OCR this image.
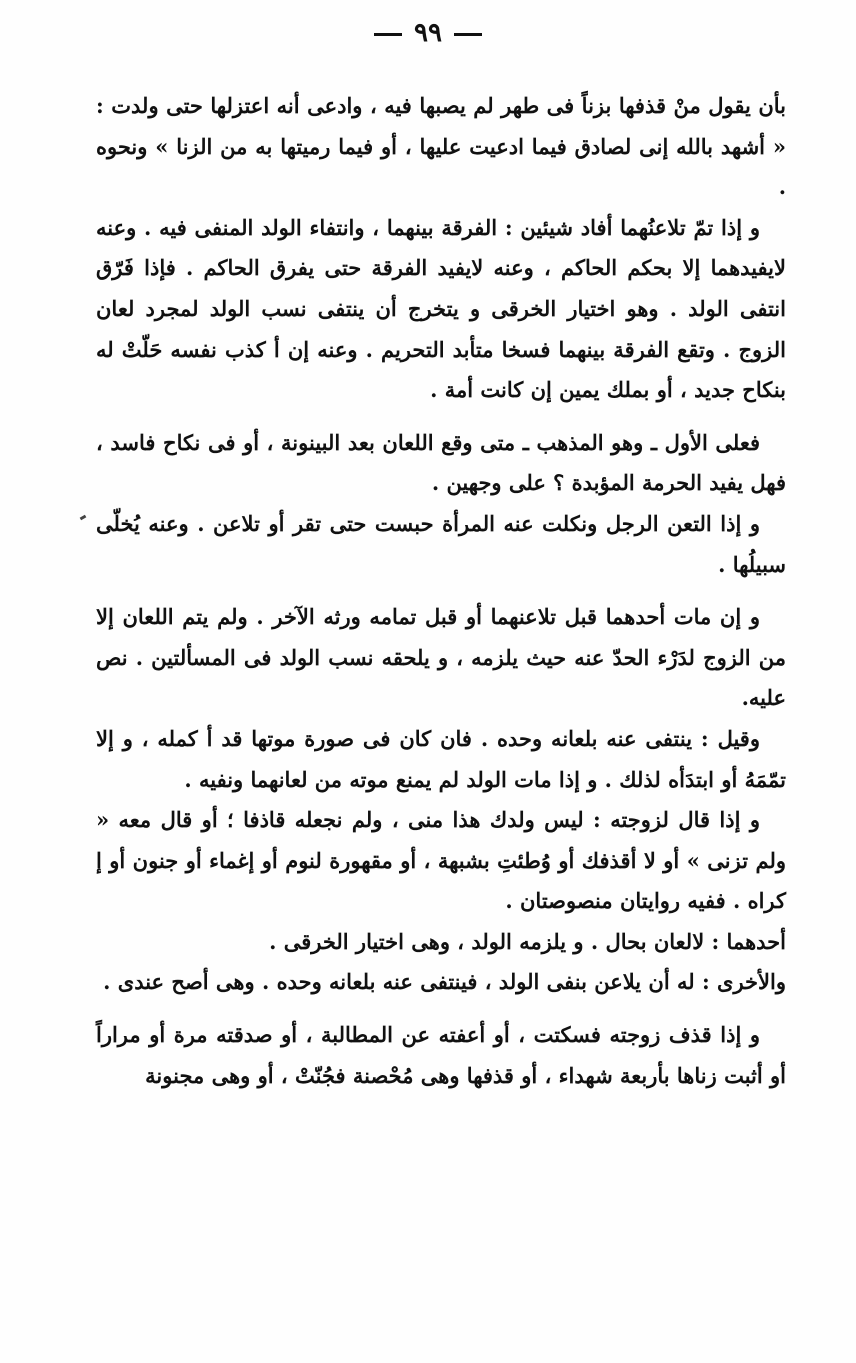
٩٩

بأن يقول منْ قذفها بزناً فى طهر لم يصبها فيه ، وادعى أنه اعتزلها حتى ولدت : « أشهد بالله إنى لصادق فيما ادعيت عليها ، أو فيما رميتها به من الزنا » ونحوه .

و إذا تمّ تلاعنُهما أفاد شيئين : الفرقة بينهما ، وانتفاء الولد المنفى فيه . وعنه لايفيدهما إلا بحكم الحاكم ، وعنه لايفيد الفرقة حتى يفرق الحاكم . فإذا فَرّق انتفى الولد . وهو اختيار الخرقى و يتخرج أن ينتفى نسب الولد لمجرد لعان الزوج . وتقع الفرقة بينهما فسخا متأبد التحريم . وعنه إن أ كذب نفسه حَلّتْ له بنكاح جديد ، أو بملك يمين إن كانت أمة .

فعلى الأول ـ وهو المذهب ـ متى وقع اللعان بعد البينونة ، أو فى نكاح فاسد ، فهل يفيد الحرمة المؤبدة ؟ على وجهين .

و إذا التعن الرجل ونكلت عنه المرأة حبست حتى تقر أو تلاعن . وعنه يُخلّى سبيلُها .

و إن مات أحدهما قبل تلاعنهما أو قبل تمامه ورثه الآخر . ولم يتم اللعان إلا من الزوج لدَرْء الحدّ عنه حيث يلزمه ، و يلحقه نسب الولد فى المسألتين . نص عليه.

وقيل : ينتفى عنه بلعانه وحده . فان كان فى صورة موتها قد أ كمله ، و إلا تمّمَهُ أو ابتدَأه لذلك . و إذا مات الولد لم يمنع موته من لعانهما ونفيه .

و إذا قال لزوجته : ليس ولدك هذا منى ، ولم نجعله قاذفا ؛ أو قال معه « ولم تزنى » أو لا أقذفك أو وُطئتِ بشبهة ، أو مقهورة لنوم أو إغماء أو جنون أو إ كراه . ففيه روايتان منصوصتان .

أحدهما : لالعان بحال . و يلزمه الولد ، وهى اختيار الخرقى .

والأخرى : له أن يلاعن بنفى الولد ، فينتفى عنه بلعانه وحده . وهى أصح عندى .

و إذا قذف زوجته فسكتت ، أو أعفته عن المطالبة ، أو صدقته مرة أو مراراً أو أثبت زناها بأربعة شهداء ، أو قذفها وهى مُحْصنة فجُنّتْ ، أو وهى مجنونة
